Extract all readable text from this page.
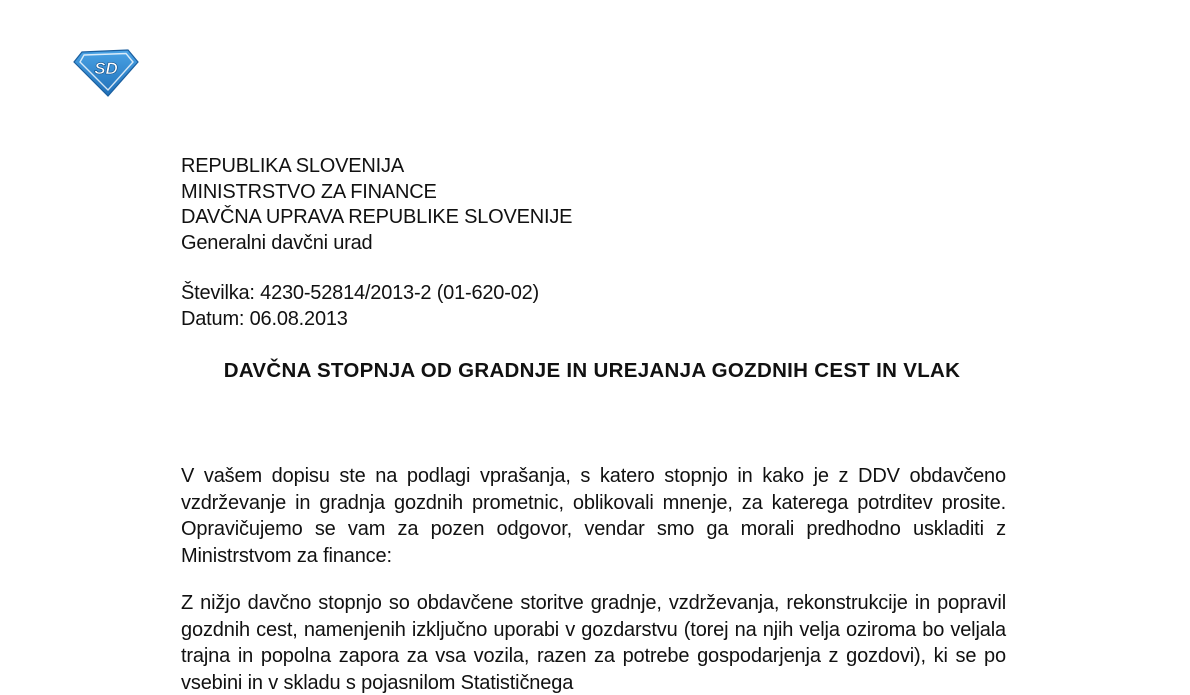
SD
REPUBLIKA SLOVENIJA
MINISTRSTVO ZA FINANCE
DAVČNA UPRAVA REPUBLIKE SLOVENIJE
Generalni davčni urad
Številka: 4230-52814/2013-2 (01-620-02)
Datum: 06.08.2013
DAVČNA STOPNJA OD GRADNJE IN UREJANJA GOZDNIH CEST IN VLAK
V vašem dopisu ste na podlagi vprašanja, s katero stopnjo in kako je z DDV obdavčeno vzdrževanje in gradnja gozdnih prometnic, oblikovali mnenje, za katerega potrditev prosite. Opravičujemo se vam za pozen odgovor, vendar smo ga morali predhodno uskladiti z Ministrstvom za finance:
Z nižjo davčno stopnjo so obdavčene storitve gradnje, vzdrževanja, rekonstrukcije in popravil gozdnih cest, namenjenih izključno uporabi v gozdarstvu (torej na njih velja oziroma bo veljala trajna in popolna zapora za vsa vozila, razen za potrebe gospodarjenja z gozdovi), ki se po vsebini in v skladu s pojasnilom Statističnega
